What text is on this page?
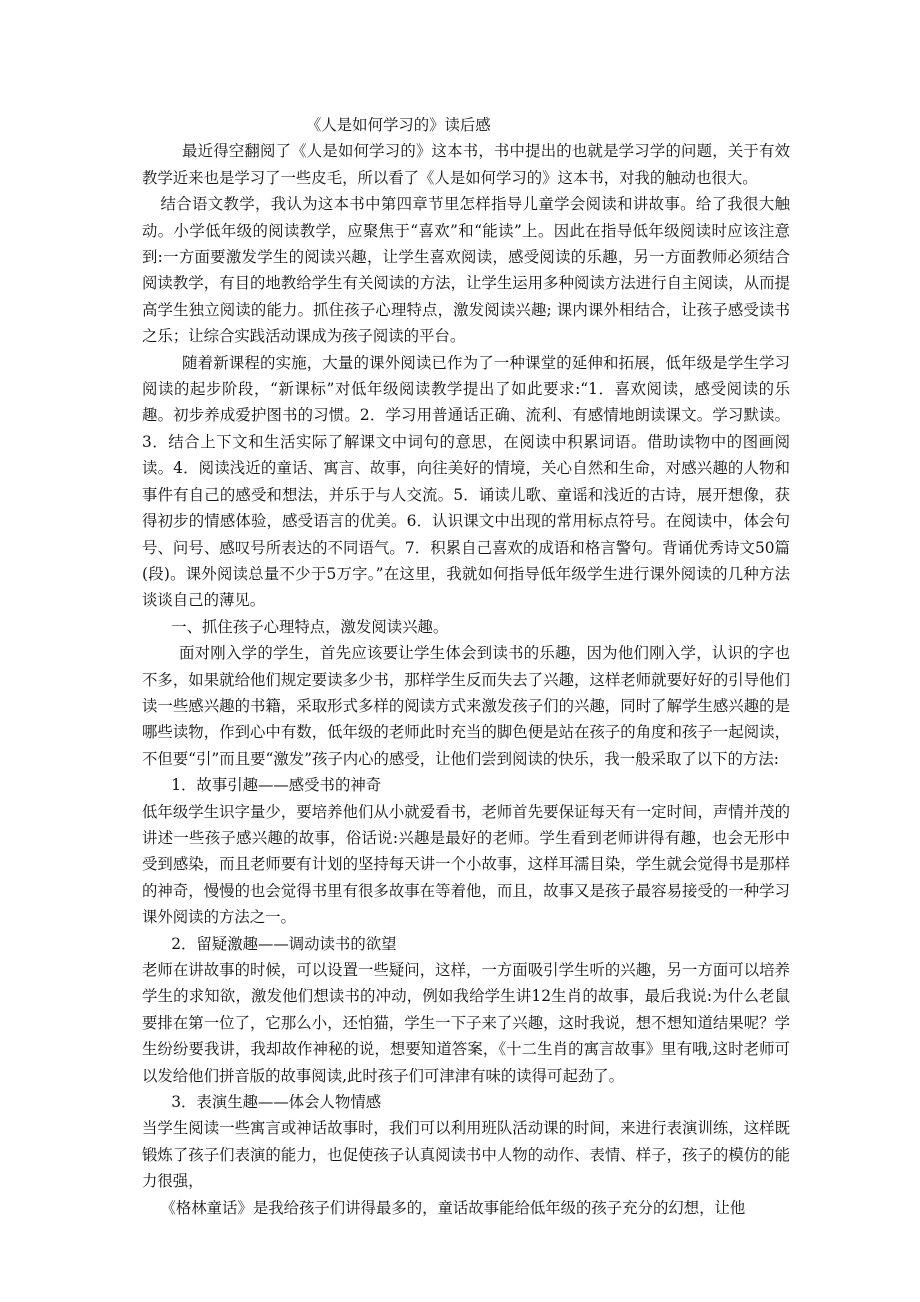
《人是如何学习的》读后感

最近得空翻阅了《人是如何学习的》这本书，书中提出的也就是学习学的问题，关于有效教学近来也是学习了一些皮毛，所以看了《人是如何学习的》这本书，对我的触动也很大。

结合语文教学，我认为这本书中第四章节里怎样指导儿童学会阅读和讲故事。给了我很大触动。小学低年级的阅读教学，应聚焦于“喜欢”和“能读”上。因此在指导低年级阅读时应该注意到:一方面要激发学生的阅读兴趣，让学生喜欢阅读，感受阅读的乐趣，另一方面教师必须结合阅读教学，有目的地教给学生有关阅读的方法，让学生运用多种阅读方法进行自主阅读，从而提高学生独立阅读的能力。抓住孩子心理特点，激发阅读兴趣; 课内课外相结合，让孩子感受读书之乐；让综合实践活动课成为孩子阅读的平台。

随着新课程的实施，大量的课外阅读已作为了一种课堂的延伸和拓展，低年级是学生学习阅读的起步阶段，“新课标”对低年级阅读教学提出了如此要求:“1．喜欢阅读，感受阅读的乐趣。初步养成爱护图书的习惯。2．学习用普通话正确、流利、有感情地朗读课文。学习默读。3．结合上下文和生活实际了解课文中词句的意思，在阅读中积累词语。借助读物中的图画阅读。4．阅读浅近的童话、寓言、故事，向往美好的情境，关心自然和生命，对感兴趣的人物和事件有自己的感受和想法，并乐于与人交流。5．诵读儿歌、童谣和浅近的古诗，展开想像，获得初步的情感体验，感受语言的优美。6．认识课文中出现的常用标点符号。在阅读中，体会句号、问号、感叹号所表达的不同语气。7．积累自己喜欢的成语和格言警句。背诵优秀诗文50篇(段)。课外阅读总量不少于5万字。”在这里，我就如何指导低年级学生进行课外阅读的几种方法谈谈自己的薄见。

一、抓住孩子心理特点，激发阅读兴趣。

面对刚入学的学生，首先应该要让学生体会到读书的乐趣，因为他们刚入学，认识的字也不多，如果就给他们规定要读多少书，那样学生反而失去了兴趣，这样老师就要好好的引导他们读一些感兴趣的书籍，采取形式多样的阅读方式来激发孩子们的兴趣，同时了解学生感兴趣的是哪些读物，作到心中有数，低年级的老师此时充当的脚色便是站在孩子的角度和孩子一起阅读，不但要“引”而且要“激发”孩子内心的感受，让他们尝到阅读的快乐，我一般采取了以下的方法:

1．故事引趣——感受书的神奇

低年级学生识字量少，要培养他们从小就爱看书，老师首先要保证每天有一定时间，声情并茂的讲述一些孩子感兴趣的故事，俗话说:兴趣是最好的老师。学生看到老师讲得有趣，也会无形中受到感染，而且老师要有计划的坚持每天讲一个小故事，这样耳濡目染，学生就会觉得书是那样的神奇，慢慢的也会觉得书里有很多故事在等着他，而且，故事又是孩子最容易接受的一种学习课外阅读的方法之一。

2．留疑激趣——调动读书的欲望

老师在讲故事的时候，可以设置一些疑问，这样，一方面吸引学生听的兴趣，另一方面可以培养学生的求知欲，激发他们想读书的冲动，例如我给学生讲12生肖的故事，最后我说:为什么老鼠要排在第一位了，它那么小，还怕猫，学生一下子来了兴趣，这时我说，想不想知道结果呢？学生纷纷要我讲，我却故作神秘的说，想要知道答案，《十二生肖的寓言故事》里有哦,这时老师可以发给他们拼音版的故事阅读,此时孩子们可津津有味的读得可起劲了。

3．表演生趣——体会人物情感

当学生阅读一些寓言或神话故事时，我们可以利用班队活动课的时间，来进行表演训练，这样既锻炼了孩子们表演的能力，也促使孩子认真阅读书中人物的动作、表情、样子，孩子的模仿的能力很强，

《格林童话》是我给孩子们讲得最多的，童话故事能给低年级的孩子充分的幻想，让他
